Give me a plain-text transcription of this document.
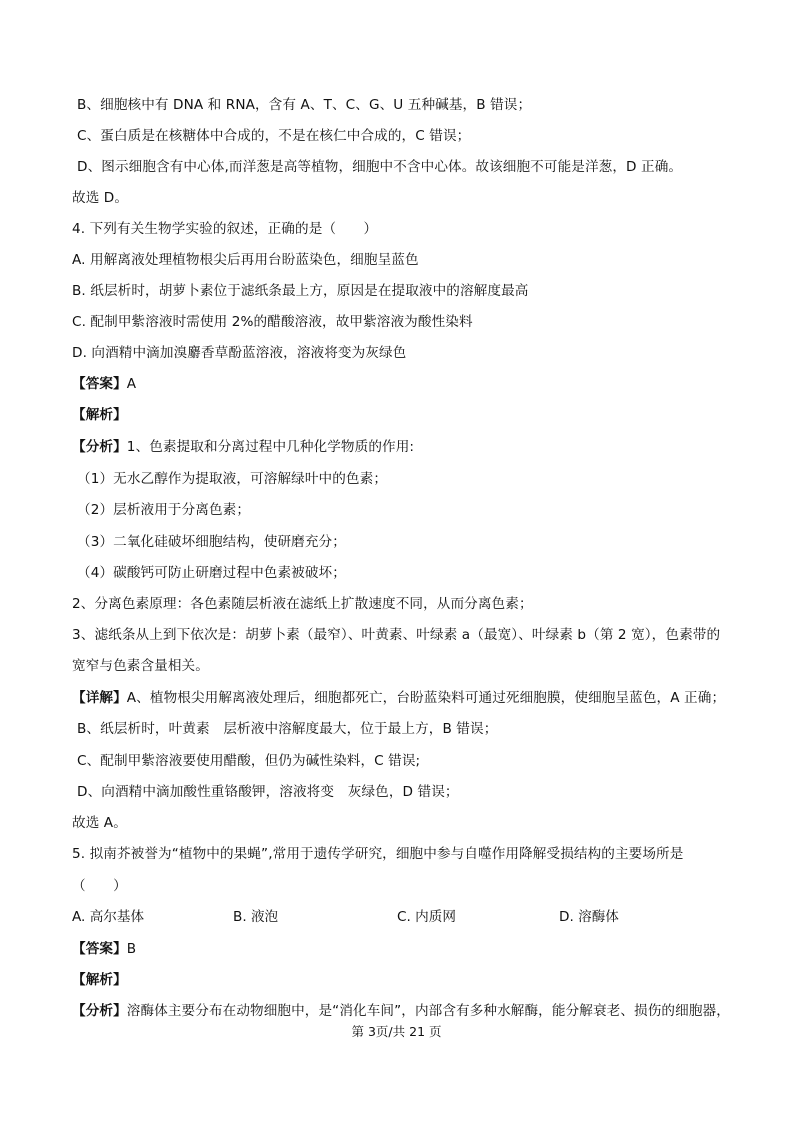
B、细胞核中有 DNA 和 RNA，含有 A、T、C、G、U 五种碱基，B 错误；
C、蛋白质是在核糖体中合成的，不是在核仁中合成的，C 错误；
D、图示细胞含有中心体,而洋葱是高等植物，细胞中不含中心体。故该细胞不可能是洋葱，D 正确。
故选 D。
4. 下列有关生物学实验的叙述，正确的是（　　）
A. 用解离液处理植物根尖后再用台盼蓝染色，细胞呈蓝色
B. 纸层析时，胡萝卜素位于滤纸条最上方，原因是在提取液中的溶解度最高
C. 配制甲紫溶液时需使用 2%的醋酸溶液，故甲紫溶液为酸性染料
D. 向酒精中滴加溴麝香草酚蓝溶液，溶液将变为灰绿色
【答案】A
【解析】
【分析】1、色素提取和分离过程中几种化学物质的作用:
（1）无水乙醇作为提取液，可溶解绿叶中的色素；
（2）层析液用于分离色素；
（3）二氧化硅破坏细胞结构，使研磨充分；
（4）碳酸钙可防止研磨过程中色素被破坏；
2、分离色素原理：各色素随层析液在滤纸上扩散速度不同，从而分离色素；
3、滤纸条从上到下依次是：胡萝卜素（最窄）、叶黄素、叶绿素 a（最宽）、叶绿素 b（第 2 宽），色素带的
宽窄与色素含量相关。
【详解】A、植物根尖用解离液处理后，细胞都死亡，台盼蓝染料可通过死细胞膜，使细胞呈蓝色，A 正确；
B、纸层析时，叶黄素　层析液中溶解度最大，位于最上方，B 错误；
C、配制甲紫溶液要使用醋酸，但仍为碱性染料，C 错误;
D、向酒精中滴加酸性重铬酸钾，溶液将变　灰绿色，D 错误；
故选 A。
5. 拟南芥被誉为“植物中的果蝇”,常用于遗传学研究，细胞中参与自噬作用降解受损结构的主要场所是
（　　）
A. 高尔基体	B. 液泡	C. 内质网	D. 溶酶体
【答案】B
【解析】
【分析】溶酶体主要分布在动物细胞中，是“消化车间”，内部含有多种水解酶，能分解衰老、损伤的细胞器，
第 3页/共 21 页
